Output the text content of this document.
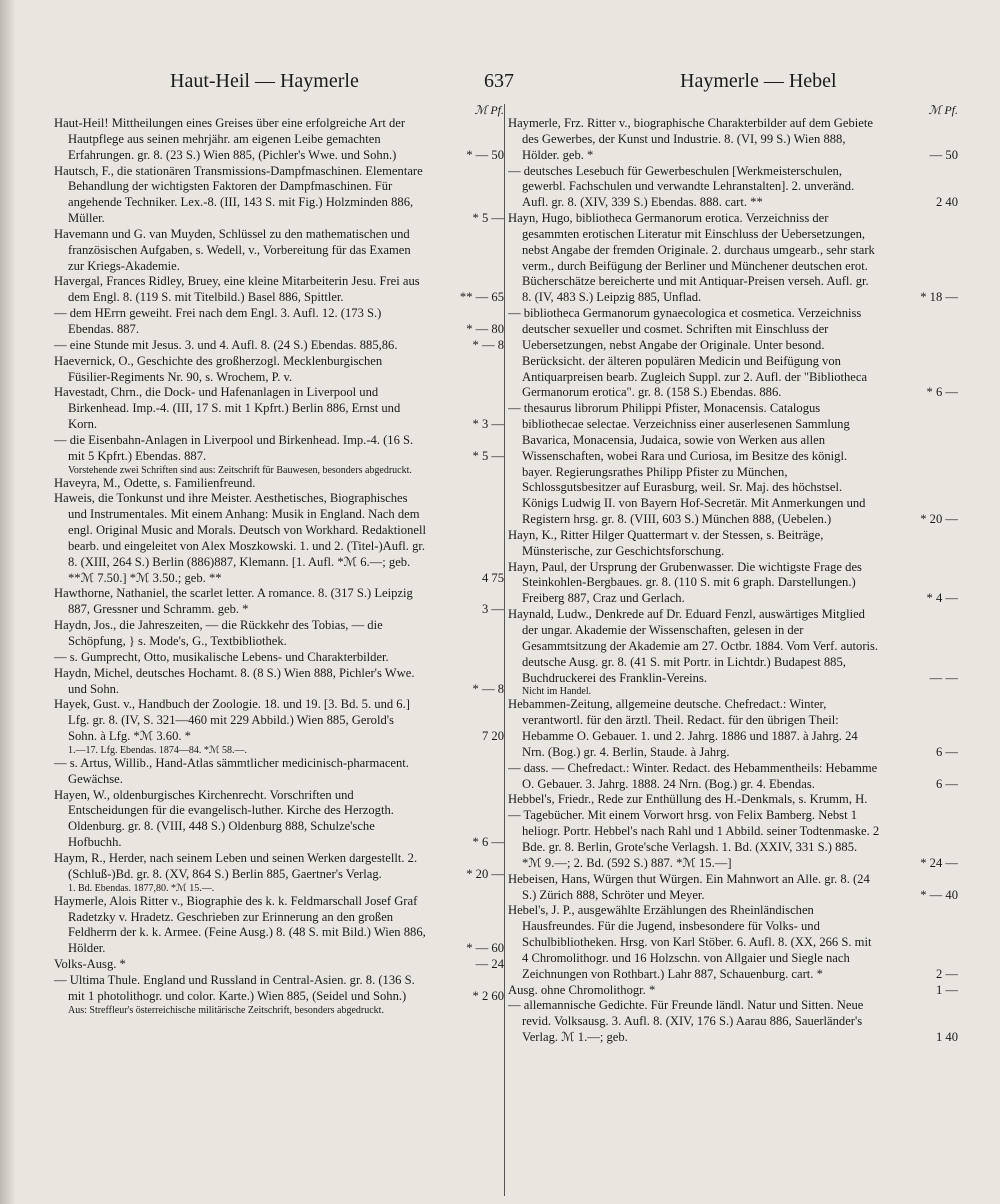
Haut-Heil — Haymerle	637	Haymerle — Hebel
ℳ Pf.
Haut-Heil! Mittheilungen eines Greises über eine erfolgreiche Art der Hautpflege aus seinen mehrjähr. am eigenen Leibe gemachten Erfahrungen. gr. 8. (23 S.) Wien 885, (Pichler's Wwe. und Sohn.)	* — 50
Hautsch, F., die stationären Transmissions-Dampfmaschinen. Elementare Behandlung der wichtigsten Faktoren der Dampfmaschinen. Für angehende Techniker. Lex.-8. (III, 143 S. mit Fig.) Holzminden 886, Müller.	* 5 —
Havemann und G. van Muyden, Schlüssel zu den mathematischen und französischen Aufgaben, s. Wedell, v., Vorbereitung für das Examen zur Kriegs-Akademie.
Havergal, Frances Ridley, Bruey, eine kleine Mitarbeiterin Jesu. Frei aus dem Engl. 8. (119 S. mit Titelbild.) Basel 886, Spittler.	** — 65
— dem HErrn geweiht. Frei nach dem Engl. 3. Aufl. 12. (173 S.) Ebendas. 887.	* — 80
— eine Stunde mit Jesus. 3. und 4. Aufl. 8. (24 S.) Ebendas. 885,86.	* — 8
Haevernick, O., Geschichte des großherzogl. Mecklenburgischen Füsilier-Regiments Nr. 90, s. Wrochem, P. v.
Havestadt, Chrn., die Dock- und Hafenanlagen in Liverpool und Birkenhead. Imp.-4. (III, 17 S. mit 1 Kpfrt.) Berlin 886, Ernst und Korn.	* 3 —
— die Eisenbahn-Anlagen in Liverpool und Birkenhead. Imp.-4. (16 S. mit 5 Kpfrt.) Ebendas. 887.	* 5 —
Vorstehende zwei Schriften sind aus: Zeitschrift für Bauwesen, besonders abgedruckt.
Haveyra, M., Odette, s. Familienfreund.
Haweis, die Tonkunst und ihre Meister. Aesthetisches, Biographisches und Instrumentales. Mit einem Anhang: Musik in England. Nach dem engl. Original Music and Morals. Deutsch von Workhard. Redaktionell bearb. und eingeleitet von Alex Moszkowski. 1. und 2. (Titel-)Aufl. gr. 8. (XIII, 264 S.) Berlin (886)887, Klemann. [1. Aufl. *ℳ 6.—; geb. **ℳ 7.50.] *ℳ 3.50.; geb. **	4 75
Hawthorne, Nathaniel, the scarlet letter. A romance. 8. (317 S.) Leipzig 887, Gressner und Schramm. geb. *	3 —
Haydn, Jos., die Jahreszeiten, — die Rückkehr des Tobias, — die Schöpfung, } s. Mode's, G., Textbibliothek.
— s. Gumprecht, Otto, musikalische Lebens- und Charakterbilder.
Haydn, Michel, deutsches Hochamt. 8. (8 S.) Wien 888, Pichler's Wwe. und Sohn.	* — 8
Hayek, Gust. v., Handbuch der Zoologie. 18. und 19. [3. Bd. 5. und 6.] Lfg. gr. 8. (IV, S. 321—460 mit 229 Abbild.) Wien 885, Gerold's Sohn. à Lfg. *ℳ 3.60. *	7 20
1.—17. Lfg. Ebendas. 1874—84. *ℳ 58.—.
— s. Artus, Willib., Hand-Atlas sämmtlicher medicinisch-pharmacent. Gewächse.
Hayen, W., oldenburgisches Kirchenrecht. Vorschriften und Entscheidungen für die evangelisch-luther. Kirche des Herzogth. Oldenburg. gr. 8. (VIII, 448 S.) Oldenburg 888, Schulze'sche Hofbuchh.	* 6 —
Haym, R., Herder, nach seinem Leben und seinen Werken dargestellt. 2. (Schluß-)Bd. gr. 8. (XV, 864 S.) Berlin 885, Gaertner's Verlag.	* 20 —
1. Bd. Ebendas. 1877,80. *ℳ 15.—.
Haymerle, Alois Ritter v., Biographie des k. k. Feldmarschall Josef Graf Radetzky v. Hradetz. Geschrieben zur Erinnerung an den großen Feldherrn der k. k. Armee. (Feine Ausg.) 8. (48 S. mit Bild.) Wien 886, Hölder.	* — 60
Volks-Ausg. *	— 24
— Ultima Thule. England und Russland in Central-Asien. gr. 8. (136 S. mit 1 photolithogr. und color. Karte.) Wien 885, (Seidel und Sohn.)	* 2 60
Aus: Streffleur's österreichische militärische Zeitschrift, besonders abgedruckt.
ℳ Pf.
Haymerle, Frz. Ritter v., biographische Charakterbilder auf dem Gebiete des Gewerbes, der Kunst und Industrie. 8. (VI, 99 S.) Wien 888, Hölder. geb. *	— 50
— deutsches Lesebuch für Gewerbeschulen [Werkmeisterschulen, gewerbl. Fachschulen und verwandte Lehranstalten]. 2. unveränd. Aufl. gr. 8. (XIV, 339 S.) Ebendas. 888. cart. **	2 40
Hayn, Hugo, bibliotheca Germanorum erotica. Verzeichniss der gesammten erotischen Literatur mit Einschluss der Uebersetzungen, nebst Angabe der fremden Originale. 2. durchaus umgearb., sehr stark verm., durch Beifügung der Berliner und Münchener deutschen erot. Bücherschätze bereicherte und mit Antiquar-Preisen verseh. Aufl. gr. 8. (IV, 483 S.) Leipzig 885, Unflad.	* 18 —
— bibliotheca Germanorum gynaecologica et cosmetica. Verzeichniss deutscher sexueller und cosmet. Schriften mit Einschluss der Uebersetzungen, nebst Angabe der Originale. Unter besond. Berücksicht. der älteren populären Medicin und Beifügung von Antiquarpreisen bearb. Zugleich Suppl. zur 2. Aufl. der "Bibliotheca Germanorum erotica". gr. 8. (158 S.) Ebendas. 886.	* 6 —
— thesaurus librorum Philippi Pfister, Monacensis. Catalogus bibliothecae selectae. Verzeichniss einer auserlesenen Sammlung Bavarica, Monacensia, Judaica, sowie von Werken aus allen Wissenschaften, wobei Rara und Curiosa, im Besitze des königl. bayer. Regierungsrathes Philipp Pfister zu München, Schlossgutsbesitzer auf Eurasburg, weil. Sr. Maj. des höchstsel. Königs Ludwig II. von Bayern Hof-Secretär. Mit Anmerkungen und Registern hrsg. gr. 8. (VIII, 603 S.) München 888, (Uebelen.)	* 20 —
Hayn, K., Ritter Hilger Quattermart v. der Stessen, s. Beiträge, Münsterische, zur Geschichtsforschung.
Hayn, Paul, der Ursprung der Grubenwasser. Die wichtigste Frage des Steinkohlen-Bergbaues. gr. 8. (110 S. mit 6 graph. Darstellungen.) Freiberg 887, Craz und Gerlach.	* 4 —
Haynald, Ludw., Denkrede auf Dr. Eduard Fenzl, auswärtiges Mitglied der ungar. Akademie der Wissenschaften, gelesen in der Gesammtsitzung der Akademie am 27. Octbr. 1884. Vom Verf. autoris. deutsche Ausg. gr. 8. (41 S. mit Portr. in Lichtdr.) Budapest 885, Buchdruckerei des Franklin-Vereins.	— —
Nicht im Handel.
Hebammen-Zeitung, allgemeine deutsche. Chefredact.: Winter, verantwortl. für den ärztl. Theil. Redact. für den übrigen Theil: Hebamme O. Gebauer. 1. und 2. Jahrg. 1886 und 1887. à Jahrg. 24 Nrn. (Bog.) gr. 4. Berlin, Staude. à Jahrg.	6 —
— dass. — Chefredact.: Winter. Redact. des Hebammentheils: Hebamme O. Gebauer. 3. Jahrg. 1888. 24 Nrn. (Bog.) gr. 4. Ebendas.	6 —
Hebbel's, Friedr., Rede zur Enthüllung des H.-Denkmals, s. Krumm, H.
— Tagebücher. Mit einem Vorwort hrsg. von Felix Bamberg. Nebst 1 heliogr. Portr. Hebbel's nach Rahl und 1 Abbild. seiner Todtenmaske. 2 Bde. gr. 8. Berlin, Grote'sche Verlagsh. 1. Bd. (XXIV, 331 S.) 885. *ℳ 9.—; 2. Bd. (592 S.) 887. *ℳ 15.—]	* 24 —
Hebeisen, Hans, Würgen thut Würgen. Ein Mahnwort an Alle. gr. 8. (24 S.) Zürich 888, Schröter und Meyer.	* — 40
Hebel's, J. P., ausgewählte Erzählungen des Rheinländischen Hausfreundes. Für die Jugend, insbesondere für Volks- und Schulbibliotheken. Hrsg. von Karl Stöber. 6. Aufl. 8. (XX, 266 S. mit 4 Chromolithogr. und 16 Holzschn. von Allgaier und Siegle nach Zeichnungen von Rothbart.) Lahr 887, Schauenburg. cart. *	2 —
Ausg. ohne Chromolithogr. *	1 —
— allemannische Gedichte. Für Freunde ländl. Natur und Sitten. Neue revid. Volksausg. 3. Aufl. 8. (XIV, 176 S.) Aarau 886, Sauerländer's Verlag. ℳ 1.—; geb.	1 40
